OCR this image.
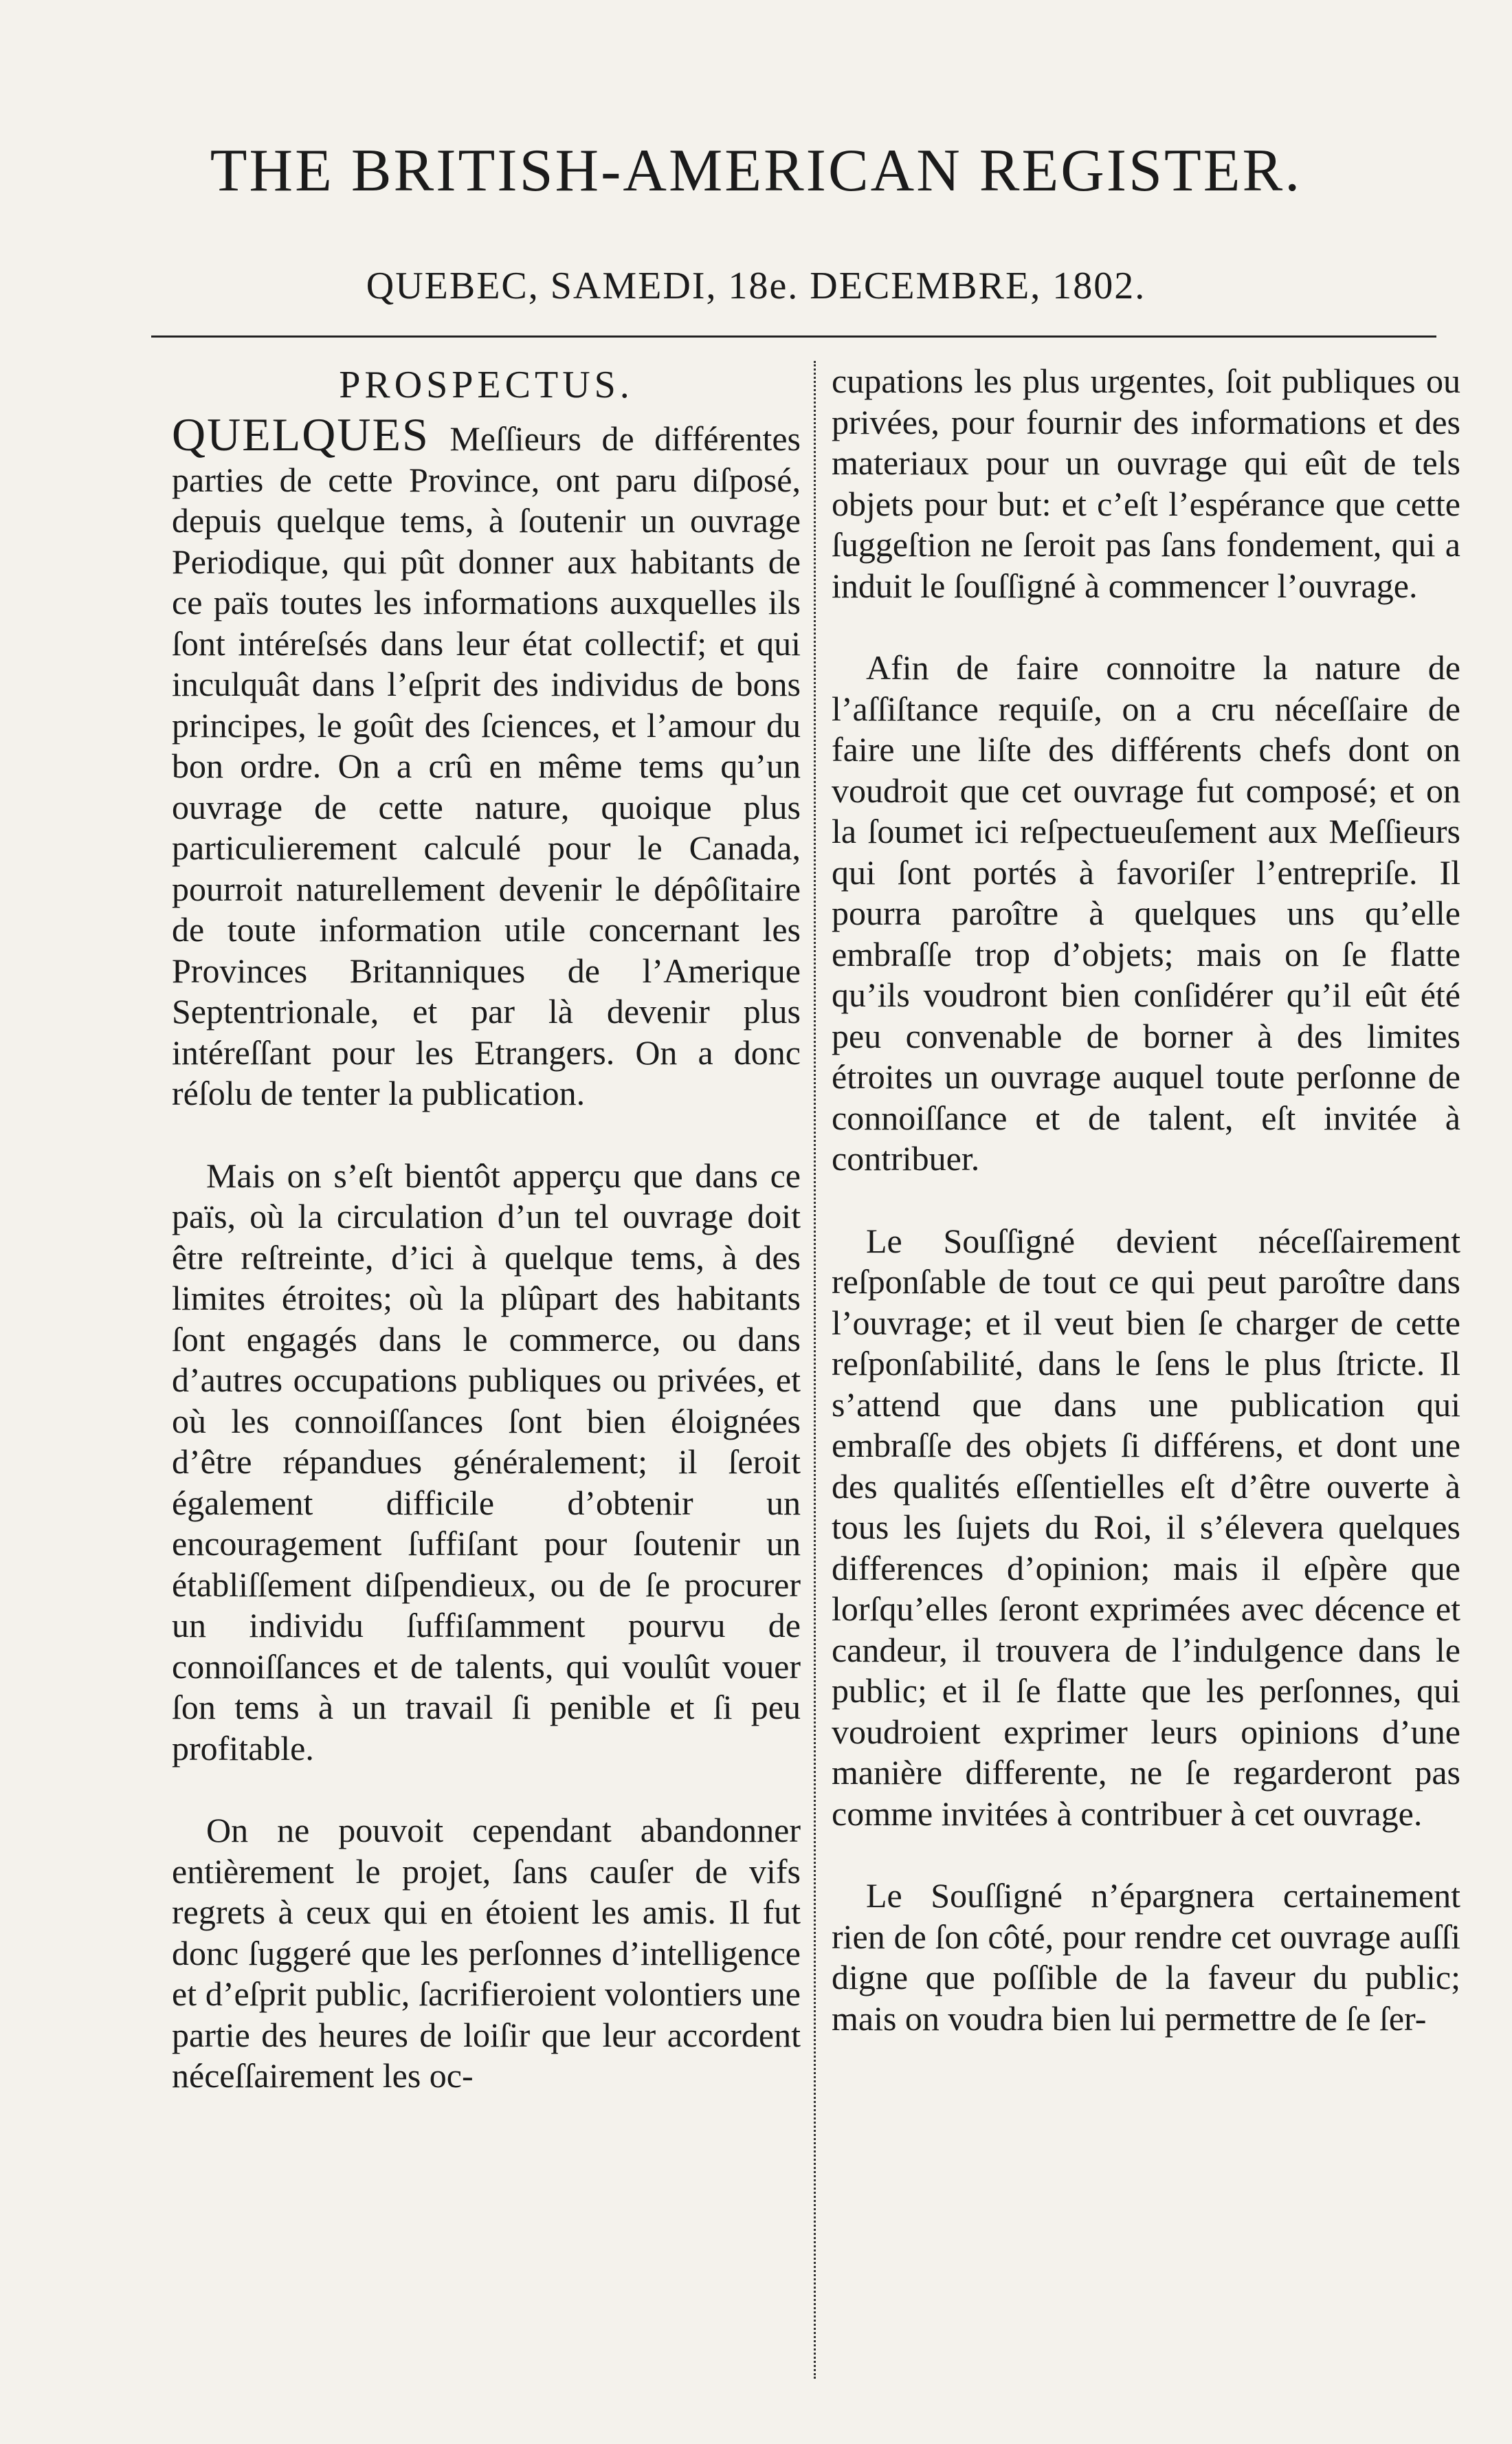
THE BRITISH-AMERICAN REGISTER.
QUEBEC, SAMEDI, 18e. DECEMBRE, 1802.
PROSPECTUS.

QUELQUES Meſſieurs de différentes parties de cette Province, ont paru diſposé, depuis quelque tems, à ſoutenir un ouvrage Periodique, qui pût donner aux habitants de ce païs toutes les informations auxquelles ils ſont intéreſsés dans leur état collectif; et qui inculquât dans l’eſprit des individus de bons principes, le goût des ſciences, et l’amour du bon ordre. On a crû en même tems qu’un ouvrage de cette nature, quoique plus particulierement calculé pour le Canada, pourroit naturellement devenir le dépôſitaire de toute information utile concernant les Provinces Britanniques de l’Amerique Septentrionale, et par là devenir plus intéreſſant pour les Etrangers. On a donc réſolu de tenter la publication.

Mais on s’eſt bientôt apperçu que dans ce païs, où la circulation d’un tel ouvrage doit être reſtreinte, d’ici à quelque tems, à des limites étroites; où la plûpart des habitants ſont engagés dans le commerce, ou dans d’autres occupations publiques ou privées, et où les connoiſſances ſont bien éloignées d’être répandues généralement; il ſeroit également difficile d’obtenir un encouragement ſuffiſant pour ſoutenir un établiſſement diſpendieux, ou de ſe procurer un individu ſuffiſamment pourvu de connoiſſances et de talents, qui voulût vouer ſon tems à un travail ſi penible et ſi peu profitable.

On ne pouvoit cependant abandonner entièrement le projet, ſans cauſer de vifs regrets à ceux qui en étoient les amis. Il fut donc ſuggeré que les perſonnes d’intelligence et d’eſprit public, ſacrifieroient volontiers une partie des heures de loiſir que leur accordent néceſſairement les oc-

cupations les plus urgentes, ſoit publiques ou privées, pour fournir des informations et des materiaux pour un ouvrage qui eût de tels objets pour but: et c’eſt l’espérance que cette ſuggeſtion ne ſeroit pas ſans fondement, qui a induit le ſouſſigné à commencer l’ouvrage.

Afin de faire connoitre la nature de l’aſſiſtance requiſe, on a cru néceſſaire de faire une liſte des différents chefs dont on voudroit que cet ouvrage fut composé; et on la ſoumet ici reſpectueuſement aux Meſſieurs qui ſont portés à favoriſer l’entrepriſe. Il pourra paroître à quelques uns qu’elle embraſſe trop d’objets; mais on ſe flatte qu’ils voudront bien conſidérer qu’il eût été peu convenable de borner à des limites étroites un ouvrage auquel toute perſonne de connoiſſance et de talent, eſt invitée à contribuer.

Le Souſſigné devient néceſſairement reſponſable de tout ce qui peut paroître dans l’ouvrage; et il veut bien ſe charger de cette reſponſabilité, dans le ſens le plus ſtricte. Il s’attend que dans une publication qui embraſſe des objets ſi différens, et dont une des qualités eſſentielles eſt d’être ouverte à tous les ſujets du Roi, il s’élevera quelques differences d’opinion; mais il eſpère que lorſqu’elles ſeront exprimées avec décence et candeur, il trouvera de l’indulgence dans le public; et il ſe flatte que les perſonnes, qui voudroient exprimer leurs opinions d’une manière differente, ne ſe regarderont pas comme invitées à contribuer à cet ouvrage.

Le Souſſigné n’épargnera certainement rien de ſon côté, pour rendre cet ouvrage auſſi digne que poſſible de la faveur du public; mais on voudra bien lui permettre de ſe ſer-
